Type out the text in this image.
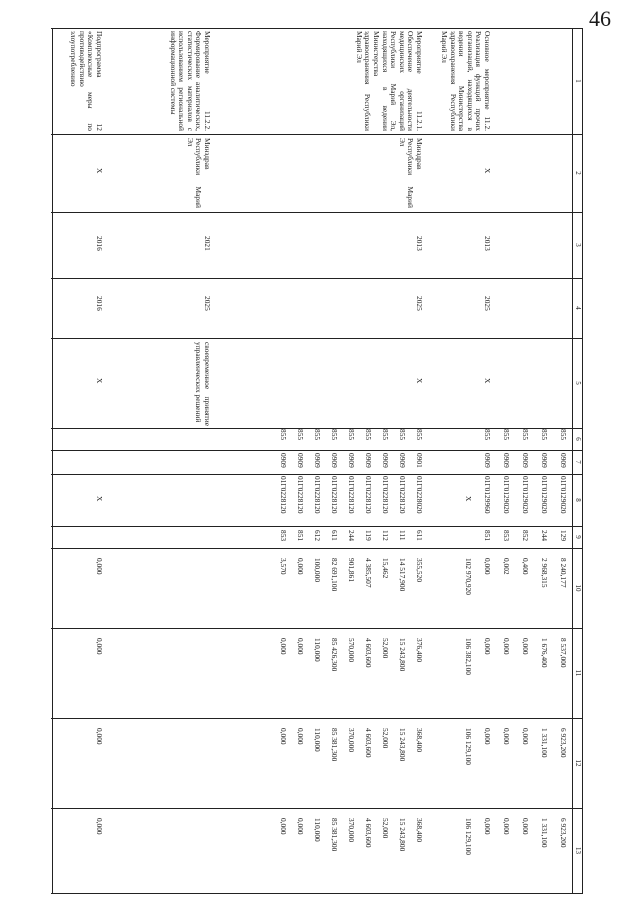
46
1
2
3
4
5
6
7
8
9
10
11
12
13
Основное мероприятие 11.2. Реализация функций прочих организаций, находящихся в ведении Министерства здравоохранения Республики Марий Эл
X
2013
2025
X
855
0909
01Г0129020
129
8 240,177
8 537,000
6 923,200
6 923,200
855
0909
01Г0129020
244
2 968,315
1 676,400
1 331,100
1 331,100
855
0909
01Г0129020
852
0,400
0,000
0,000
0,000
855
0909
01Г0129020
853
0,002
0,000
0,000
0,000
855
0909
01Г0129960
851
0,000
0,000
0,000
0,000
X
102 970,920
106 382,100
106 129,100
106 129,100
Мероприятие 11.2.1. Обеспечение деятельности медицинских организаций Республики Марий Эл, находящихся в ведении Министерства здравоохранения Республики Марий Эл
Минздрав Республики Марий Эл
2013
2025
X
855
0901
01Г0228020
611
355,520
376,400
368,400
368,400
855
0909
01Г0228120
111
14 517,900
15 243,800
15 243,800
15 243,800
855
0909
01Г0228120
112
15,462
52,000
52,000
52,000
855
0909
01Г0228120
119
4 385,507
4 603,600
4 603,600
4 603,600
855
0909
01Г0228120
244
901,861
570,000
370,000
370,000
855
0909
01Г0228120
611
82 691,100
85 426,300
85 381,300
85 381,300
855
0909
01Г0228120
612
100,000
110,000
110,000
110,000
855
0909
01Г0228120
851
0,000
0,000
0,000
0,000
855
0909
01Г0228120
853
3,570
0,000
0,000
0,000
Мероприятие 11.2.2. Формирование аналитических, статистических материалов с использованием региональной информационной системы
Минздрав Республики Марий Эл
2021
2025
своевременное принятие управленческих решений
Подпрограмма 12 «Комплексные меры по противодействию злоупотреблению
X
2016
2016
X
X
0,000
0,000
0,000
0,000
